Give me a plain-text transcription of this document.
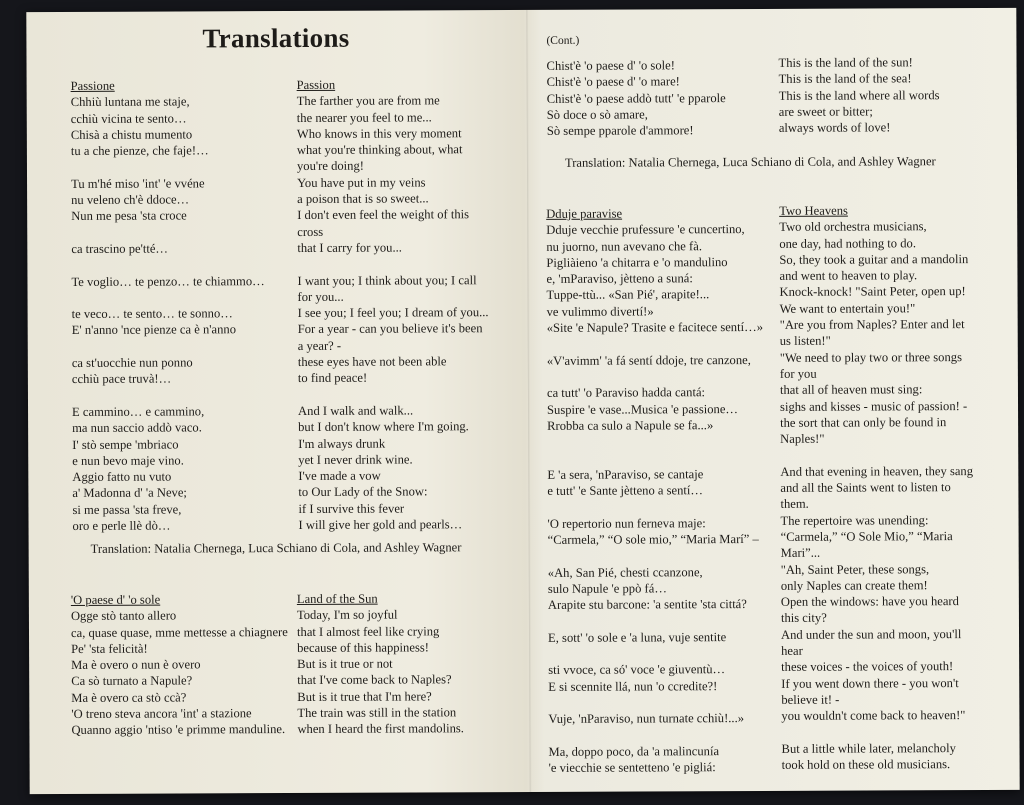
Translations
Passione
Chhiù luntana me staje,
cchiù vicina te sento…
Chisà a chistu mumento
tu a che pienze, che faje!…
Tu m'hé miso 'int' 'e vvéne
nu veleno ch'è ddoce…
Nun me pesa 'sta croce
ca trascino pe'tté…
Te voglio… te penzo… te chiammo…
te veco… te sento… te sonno…
E' n'anno 'nce pienze ca è n'anno
ca st'uocchie nun ponno
cchiù pace truvà!…
E cammino… e cammino,
ma nun saccio addò vaco.
I' stò sempe 'mbriaco
e nun bevo maje vino.
Aggio fatto nu vuto
a' Madonna d' 'a Neve;
si me passa 'sta freve,
oro e perle llè dò…
Passion
The farther you are from me
the nearer you feel to me...
Who knows in this very moment
what you're thinking about, what
you're doing!
You have put in my veins
a poison that is so sweet...
I don't even feel the weight of this
cross
that I carry for you...
I want you; I think about you; I call
for you...
I see you; I feel you; I dream of you...
For a year - can you believe it's been
a year? -
these eyes have not been able
to find peace!
And I walk and walk...
but I don't know where I'm going.
I'm always drunk
yet I never drink wine.
I've made a vow
to Our Lady of the Snow:
if I survive this fever
I will give her gold and pearls…
Translation: Natalia Chernega, Luca Schiano di Cola, and Ashley Wagner
'O paese d' 'o sole
Ogge stò tanto allero
ca, quase quase, mme mettesse a chiagnere
Pe' 'sta felicità!
Ma è overo o nun è overo
Ca sò turnato a Napule?
Ma è overo ca stò ccà?
'O treno steva ancora 'int' a stazione
Quanno aggio 'ntiso 'e primme manduline.
Land of the Sun
Today, I'm so joyful
that I almost feel like crying
because of this happiness!
But is it true or not
that I've come back to Naples?
But is it true that I'm here?
The train was still in the station
when I heard the first mandolins.
(Cont.)
Chist'è 'o paese d' 'o sole!
Chist'è 'o paese d' 'o mare!
Chist'è 'o paese addò tutt' 'e pparole
Sò doce o sò amare,
Sò sempe pparole d'ammore!
This is the land of the sun!
This is the land of the sea!
This is the land where all words
are sweet or bitter;
always words of love!
Translation: Natalia Chernega, Luca Schiano di Cola, and Ashley Wagner
Dduje paravise
Dduje vecchie prufessure 'e cuncertino,
nu juorno, nun avevano che fà.
Pigliàieno 'a chitarra e 'o mandulino
e, 'mParaviso, jètteno a suná:
Tuppe-ttù... «San Pié', arapite!...
ve vulimmo divertí!»
«Site 'e Napule? Trasite e facitece sentí…»
«V'avimm' 'a fá sentí ddoje, tre canzone,
ca tutt' 'o Paraviso hadda cantá:
Suspire 'e vase...Musica 'e passione…
Rrobba ca sulo a Napule se fa...»
E 'a sera, 'nParaviso, se cantaje
e tutt' 'e Sante jètteno a sentí…
'O repertorio nun ferneva maje:
“Carmela,” “O sole mio,” “Maria Marí” –
«Ah, San Pié, chesti ccanzone,
sulo Napule 'e ppò fá…
Arapite stu barcone: 'a sentite 'sta cittá?
E, sott' 'o sole e 'a luna, vuje sentite
sti vvoce, ca só' voce 'e giuventù…
E si scennite llá, nun 'o ccredite?!
Vuje, 'nParaviso, nun turnate cchiù!...»
Ma, doppo poco, da 'a malincunía
'e viecchie se sentetteno 'e pigliá:
Two Heavens
Two old orchestra musicians,
one day, had nothing to do.
So, they took a guitar and a mandolin
and went to heaven to play.
Knock-knock! "Saint Peter, open up!
We want to entertain you!"
"Are you from Naples? Enter and let
us listen!"
"We need to play two or three songs
for you
that all of heaven must sing:
sighs and kisses - music of passion! -
the sort that can only be found in
Naples!"
And that evening in heaven, they sang
and all the Saints went to listen to
them.
The repertoire was unending:
“Carmela,” “O Sole Mio,” “Maria
Mari”...
"Ah, Saint Peter, these songs,
only Naples can create them!
Open the windows: have you heard
this city?
And under the sun and moon, you'll
hear
these voices - the voices of youth!
If you went down there - you won't
believe it! -
you wouldn't come back to heaven!"
But a little while later, melancholy
took hold on these old musicians.
